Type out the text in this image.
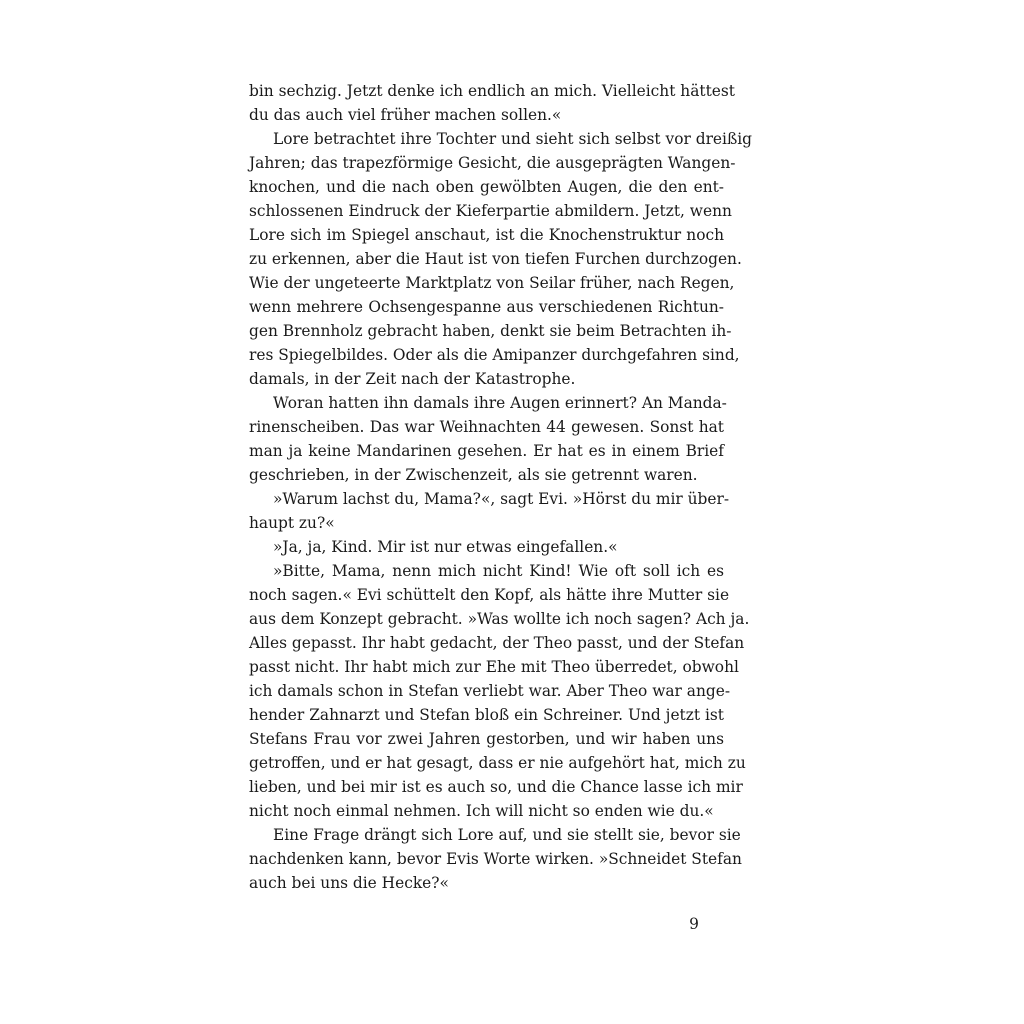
bin sechzig. Jetzt denke ich endlich an mich. Vielleicht hättest
du das auch viel früher machen sollen.«
Lore betrachtet ihre Tochter und sieht sich selbst vor dreißig
Jahren; das trapezförmige Gesicht, die ausgeprägten Wangen-
knochen, und die nach oben gewölbten Augen, die den ent-
schlossenen Eindruck der Kieferpartie abmildern. Jetzt, wenn
Lore sich im Spiegel anschaut, ist die Knochenstruktur noch
zu erkennen, aber die Haut ist von tiefen Furchen durchzogen.
Wie der ungeteerte Marktplatz von Seilar früher, nach Regen,
wenn mehrere Ochsengespanne aus verschiedenen Richtun-
gen Brennholz gebracht haben, denkt sie beim Betrachten ih-
res Spiegelbildes. Oder als die Amipanzer durchgefahren sind,
damals, in der Zeit nach der Katastrophe.
Woran hatten ihn damals ihre Augen erinnert? An Manda-
rinenscheiben. Das war Weihnachten 44 gewesen. Sonst hat
man ja keine Mandarinen gesehen. Er hat es in einem Brief
geschrieben, in der Zwischenzeit, als sie getrennt waren.
»Warum lachst du, Mama?«, sagt Evi. »Hörst du mir über-
haupt zu?«
»Ja, ja, Kind. Mir ist nur etwas eingefallen.«
»Bitte, Mama, nenn mich nicht Kind! Wie oft soll ich es
noch sagen.« Evi schüttelt den Kopf, als hätte ihre Mutter sie
aus dem Konzept gebracht. »Was wollte ich noch sagen? Ach ja.
Alles gepasst. Ihr habt gedacht, der Theo passt, und der Stefan
passt nicht. Ihr habt mich zur Ehe mit Theo überredet, obwohl
ich damals schon in Stefan verliebt war. Aber Theo war ange-
hender Zahnarzt und Stefan bloß ein Schreiner. Und jetzt ist
Stefans Frau vor zwei Jahren gestorben, und wir haben uns
getroffen, und er hat gesagt, dass er nie aufgehört hat, mich zu
lieben, und bei mir ist es auch so, und die Chance lasse ich mir
nicht noch einmal nehmen. Ich will nicht so enden wie du.«
Eine Frage drängt sich Lore auf, und sie stellt sie, bevor sie
nachdenken kann, bevor Evis Worte wirken. »Schneidet Stefan
auch bei uns die Hecke?«
9
